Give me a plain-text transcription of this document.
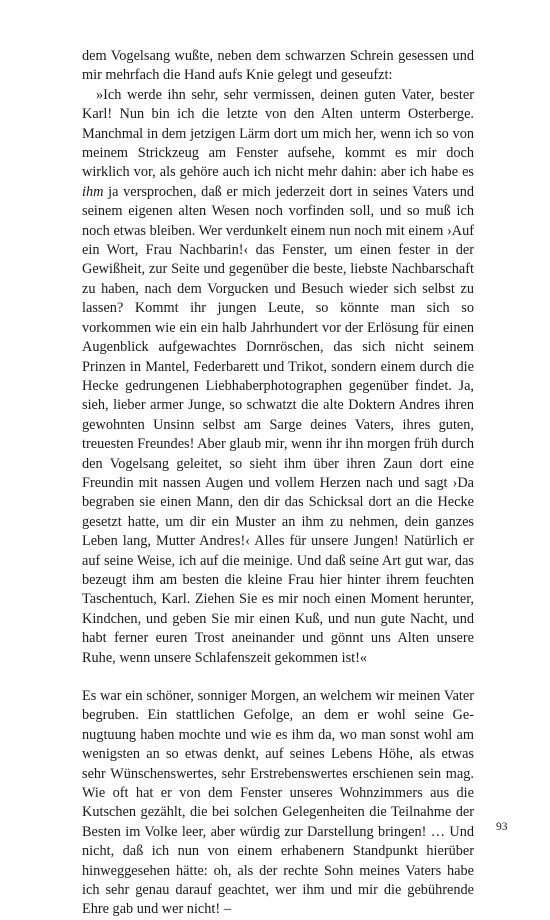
dem Vogelsang wußte, neben dem schwarzen Schrein gesessen und mir mehrfach die Hand aufs Knie gelegt und geseufzt:

»Ich werde ihn sehr, sehr vermissen, deinen guten Vater, bester Karl! Nun bin ich die letzte von den Alten unterm Osterberge. Manchmal in dem jetzigen Lärm dort um mich her, wenn ich so von meinem Strickzeug am Fenster aufsehe, kommt es mir doch wirklich vor, als gehöre auch ich nicht mehr dahin: aber ich habe es ihm ja versprochen, daß er mich jederzeit dort in seines Vaters und seinem eigenen alten Wesen noch vorfinden soll, und so muß ich noch etwas bleiben. Wer verdunkelt einem nun noch mit einem ›Auf ein Wort, Frau Nachbarin!‹ das Fenster, um einen fester in der Gewißheit, zur Seite und gegenüber die beste, liebste Nachbarschaft zu haben, nach dem Vorgucken und Besuch wieder sich selbst zu lassen? Kommt ihr jungen Leute, so könnte man sich so vorkommen wie ein ein halb Jahrhundert vor der Erlösung für einen Augenblick aufgewachtes Dornröschen, das sich nicht seinem Prinzen in Mantel, Federbarett und Trikot, sondern einem durch die Hecke gedrungenen Liebhaberphotographen gegenüber findet. Ja, sieh, lieber armer Junge, so schwatzt die alte Doktern Andres ihren gewohnten Unsinn selbst am Sarge deines Vaters, ihres guten, treuesten Freundes! Aber glaub mir, wenn ihr ihn morgen früh durch den Vogelsang geleitet, so sieht ihm über ihren Zaun dort eine Freundin mit nassen Augen und vollem Herzen nach und sagt ›Da begraben sie einen Mann, den dir das Schicksal dort an die Hecke gesetzt hatte, um dir ein Muster an ihm zu nehmen, dein ganzes Leben lang, Mutter Andres!‹ Alles für unsere Jungen! Natürlich er auf seine Weise, ich auf die meinige. Und daß seine Art gut war, das bezeugt ihm am besten die kleine Frau hier hinter ihrem feuchten Taschentuch, Karl. Ziehen Sie es mir noch einen Moment herunter, Kindchen, und geben Sie mir einen Kuß, und nun gute Nacht, und habt ferner euren Trost aneinander und gönnt uns Alten unsere Ruhe, wenn unsere Schlafenszeit gekommen ist!«

Es war ein schöner, sonniger Morgen, an welchem wir meinen Vater begruben. Ein stattlichen Gefolge, an dem er wohl seine Genugtuung haben mochte und wie es ihm da, wo man sonst wohl am wenigsten an so etwas denkt, auf seines Lebens Höhe, als etwas sehr Wünschenswertes, sehr Erstrebenswertes erschienen sein mag. Wie oft hat er von dem Fenster unseres Wohnzimmers aus die Kutschen gezählt, die bei solchen Gelegenheiten die Teilnahme der Besten im Volke leer, aber würdig zur Darstellung bringen! … Und nicht, daß ich nun von einem erhabenern Standpunkt hierüber hinweggesehen hätte: oh, als der rechte Sohn meines Vaters habe ich sehr genau darauf geachtet, wer ihm und mir die gebührende Ehre gab und wer nicht! –

93
